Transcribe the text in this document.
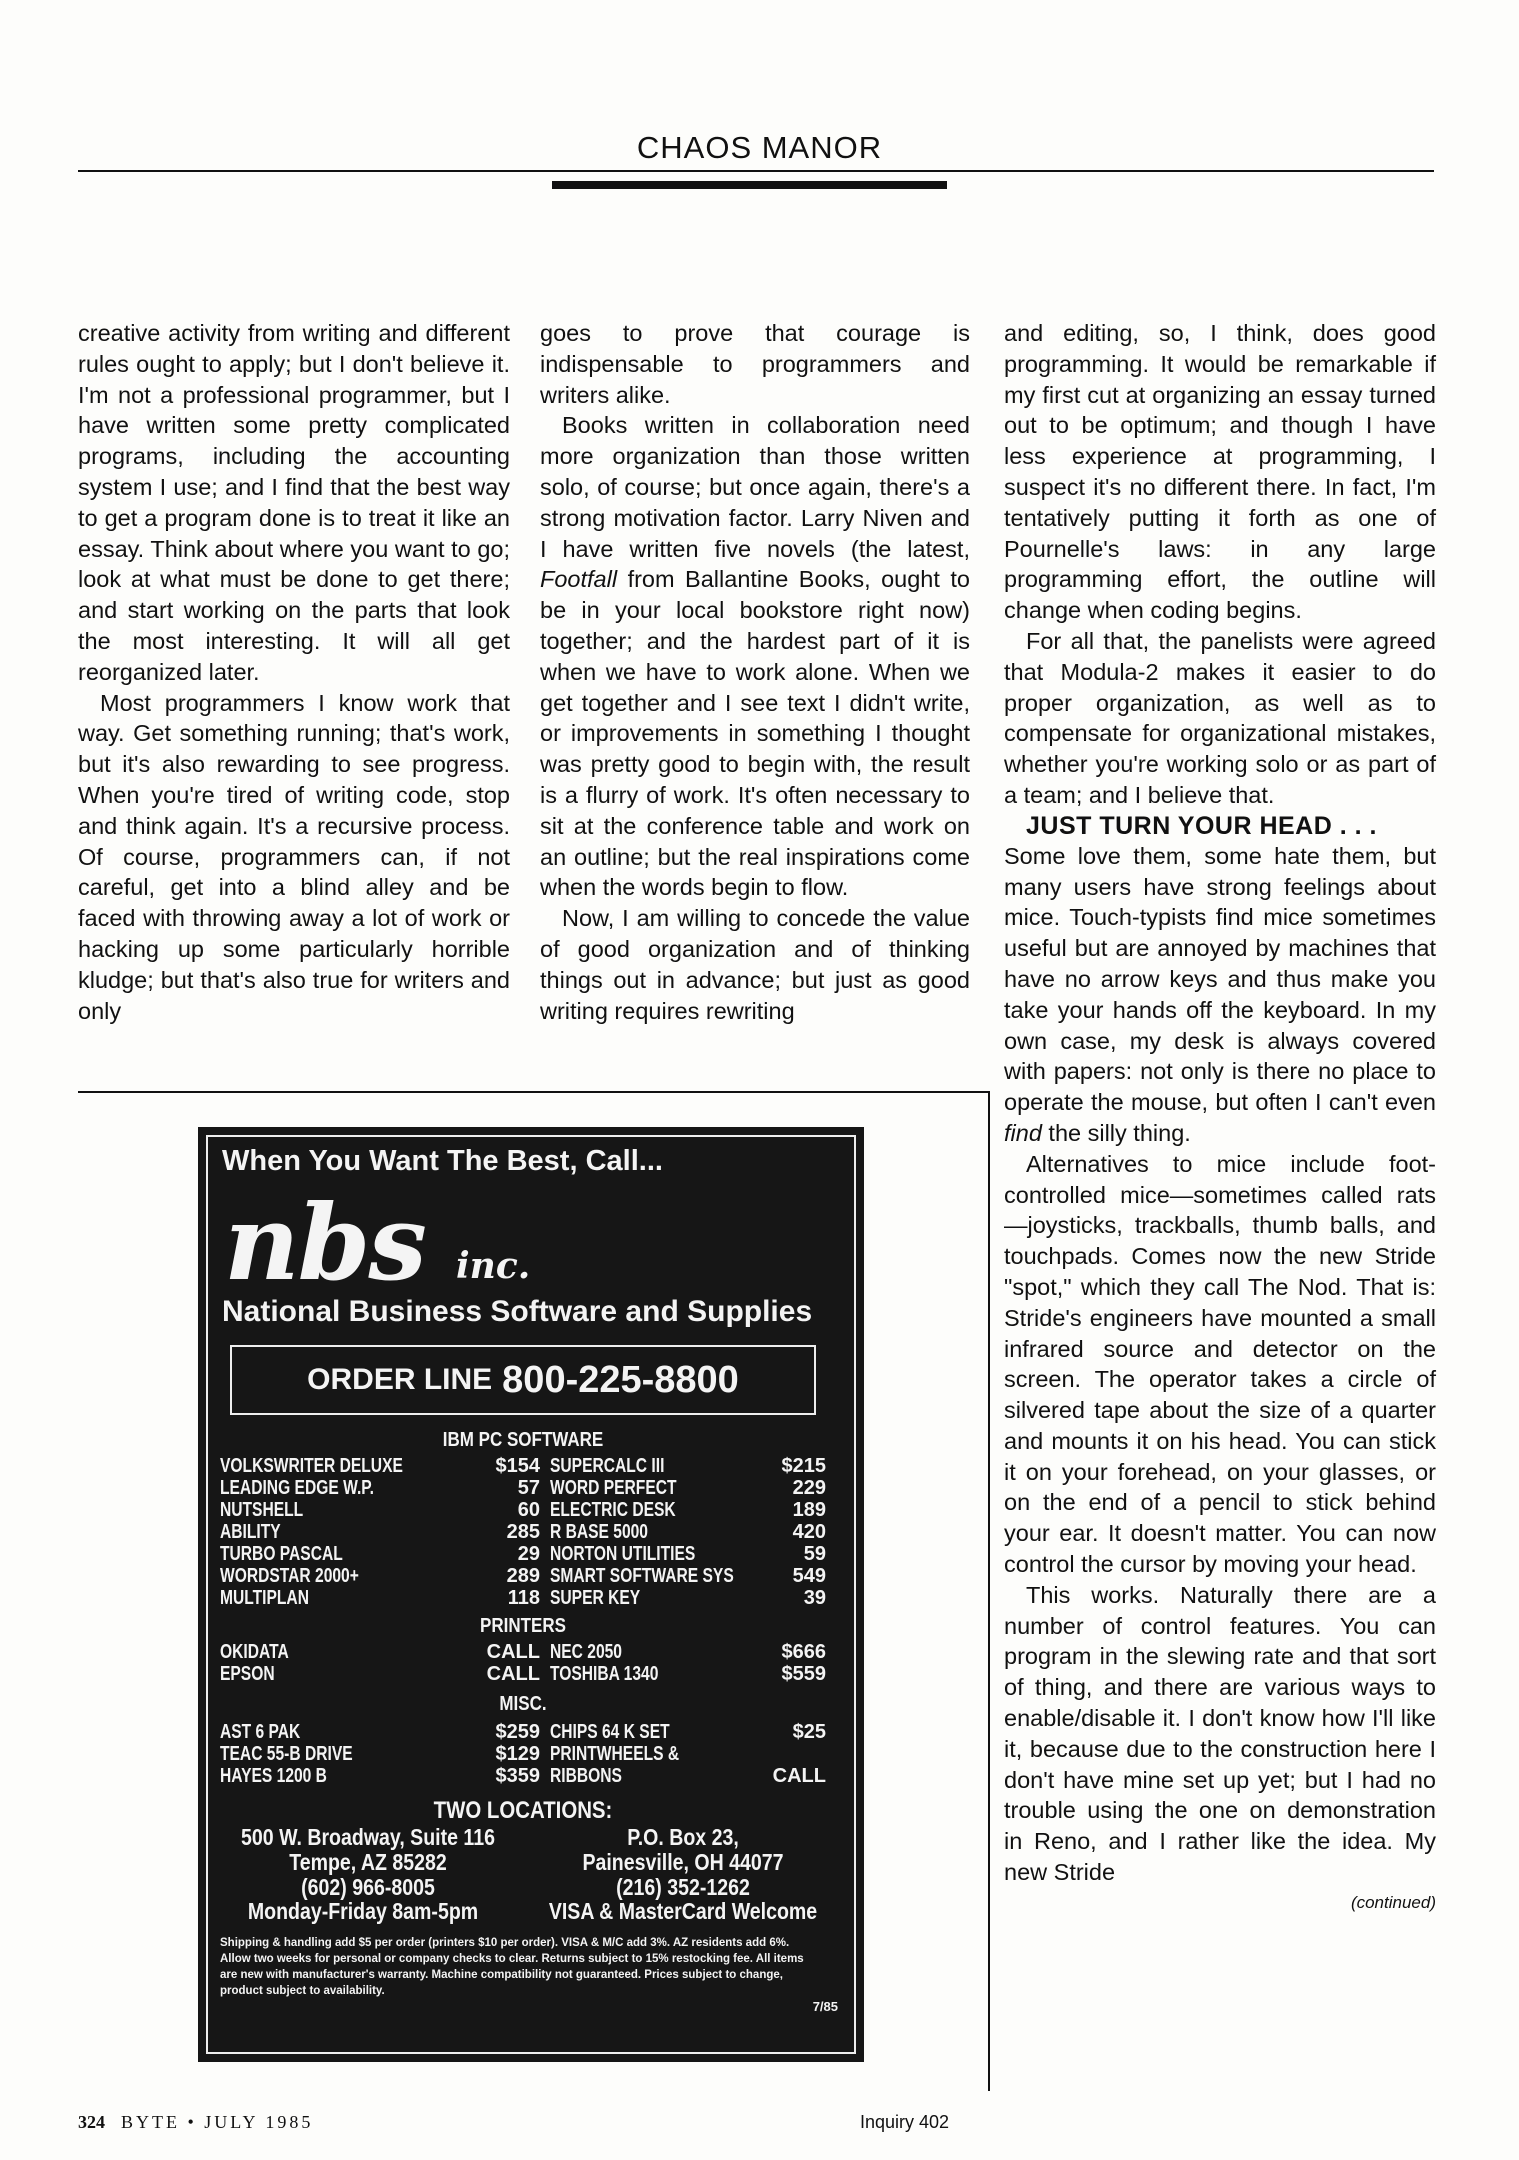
CHAOS MANOR

creative activity from writing and different rules ought to apply; but I don't believe it. I'm not a professional programmer, but I have written some pretty complicated programs, including the accounting system I use; and I find that the best way to get a program done is to treat it like an essay. Think about where you want to go; look at what must be done to get there; and start working on the parts that look the most interesting. It will all get reorganized later.

Most programmers I know work that way. Get something running; that's work, but it's also rewarding to see progress. When you're tired of writing code, stop and think again. It's a recursive process. Of course, programmers can, if not careful, get into a blind alley and be faced with throwing away a lot of work or hacking up some particularly horrible kludge; but that's also true for writers and only

goes to prove that courage is indispensable to programmers and writers alike.

Books written in collaboration need more organization than those written solo, of course; but once again, there's a strong motivation factor. Larry Niven and I have written five novels (the latest, Footfall from Ballantine Books, ought to be in your local bookstore right now) together; and the hardest part of it is when we have to work alone. When we get together and I see text I didn't write, or improvements in something I thought was pretty good to begin with, the result is a flurry of work. It's often necessary to sit at the conference table and work on an outline; but the real inspirations come when the words begin to flow.

Now, I am willing to concede the value of good organization and of thinking things out in advance; but just as good writing requires rewriting

and editing, so, I think, does good programming. It would be remarkable if my first cut at organizing an essay turned out to be optimum; and though I have less experience at programming, I suspect it's no different there. In fact, I'm tentatively putting it forth as one of Pournelle's laws: in any large programming effort, the outline will change when coding begins.

For all that, the panelists were agreed that Modula-2 makes it easier to do proper organization, as well as to compensate for organizational mistakes, whether you're working solo or as part of a team; and I believe that.

JUST TURN YOUR HEAD . . .

Some love them, some hate them, but many users have strong feelings about mice. Touch-typists find mice sometimes useful but are annoyed by machines that have no arrow keys and thus make you take your hands off the keyboard. In my own case, my desk is always covered with papers: not only is there no place to operate the mouse, but often I can't even find the silly thing.

Alternatives to mice include foot-controlled mice—sometimes called rats—joysticks, trackballs, thumb balls, and touchpads. Comes now the new Stride "spot," which they call The Nod. That is: Stride's engineers have mounted a small infrared source and detector on the screen. The operator takes a circle of silvered tape about the size of a quarter and mounts it on his head. You can stick it on your forehead, on your glasses, or on the end of a pencil to stick behind your ear. It doesn't matter. You can now control the cursor by moving your head.

This works. Naturally there are a number of control features. You can program in the slewing rate and that sort of thing, and there are various ways to enable/disable it. I don't know how I'll like it, because due to the construction here I don't have mine set up yet; but I had no trouble using the one on demonstration in Reno, and I rather like the idea. My new Stride

(continued)
When You Want The Best, Call...
nbs inc.
National Business Software and Supplies
ORDER LINE 800-225-8800
IBM PC SOFTWARE
VOLKSWRITER DELUXE	$154 SUPERCALC III	$215
LEADING EDGE W.P.	57 WORD PERFECT	229
NUTSHELL	60 ELECTRIC DESK	189
ABILITY	285 R BASE 5000	420
TURBO PASCAL	29 NORTON UTILITIES	59
WORDSTAR 2000+	289 SMART SOFTWARE SYS	549
MULTIPLAN	118 SUPER KEY	39
PRINTERS
OKIDATA	CALL NEC 2050	$666
EPSON	CALL TOSHIBA 1340	$559
MISC.
AST 6 PAK	$259 CHIPS 64 K SET	$25
TEAC 55-B DRIVE	$129 PRINTWHEELS &
HAYES 1200 B	$359 RIBBONS	CALL
TWO LOCATIONS:
500 W. Broadway, Suite 116
Tempe, AZ 85282
(602) 966-8005
P.O. Box 23,
Painesville, OH 44077
(216) 352-1262
Monday-Friday 8am-5pm	VISA & MasterCard Welcome
Shipping & handling add $5 per order (printers $10 per order). VISA & M/C add 3%. AZ residents add 6%. Allow two weeks for personal or company checks to clear. Returns subject to 15% restocking fee. All items are new with manufacturer's warranty. Machine compatibility not guaranteed. Prices subject to change, product subject to availability.
7/85
324 BYTE • JULY 1985	Inquiry 402
